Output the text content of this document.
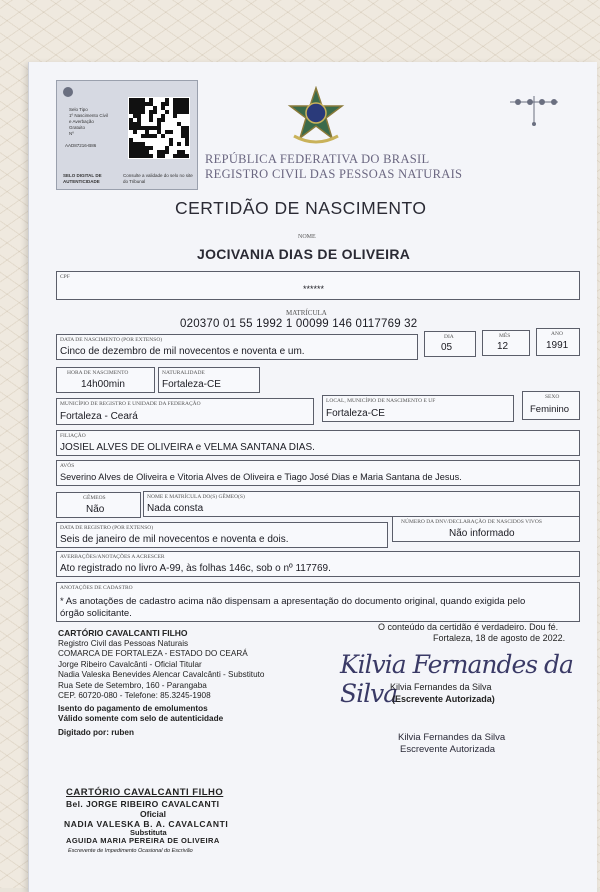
Selo Tipo
1º Nascimento Civil
e Averbação
Gratuito
Nº
AAD87216-B86
SELO DIGITAL DE AUTENTICIDADE
Consulte a validade do selo no site do Tribunal
REPÚBLICA FEDERATIVA DO BRASIL
REGISTRO CIVIL DAS PESSOAS NATURAIS
CERTIDÃO DE NASCIMENTO
NOME
JOCIVANIA DIAS DE OLIVEIRA
CPF
******
MATRÍCULA
020370 01 55 1992 1 00099 146 0117769 32
DATA DE NASCIMENTO (POR EXTENSO)
Cinco de dezembro de mil novecentos e noventa e um.
DIA
05
MÊS
12
ANO
1991
HORA DE NASCIMENTO
14h00min
NATURALIDADE
Fortaleza-CE
MUNICÍPIO DE REGISTRO E UNIDADE DA FEDERAÇÃO
Fortaleza - Ceará
LOCAL, MUNICÍPIO DE NASCIMENTO E UF
Fortaleza-CE
SEXO
Feminino
FILIAÇÃO
JOSIEL ALVES DE OLIVEIRA e VELMA SANTANA DIAS.
AVÓS
Severino Alves de Oliveira e Vitoria Alves de Oliveira e Tiago José Dias e Maria Santana de Jesus.
GÊMEOS
Não
NOME E MATRÍCULA DO(S) GÊMEO(S)
Nada consta
DATA DE REGISTRO (POR EXTENSO)
Seis de janeiro de mil novecentos e noventa e dois.
NÚMERO DA DNV/DECLARAÇÃO DE NASCIDOS VIVOS
Não informado
AVERBAÇÕES/ANOTAÇÕES A ACRESCER
Ato registrado no livro A-99, às folhas 146c, sob o nº 117769.
ANOTAÇÕES DE CADASTRO
* As anotações de cadastro acima não dispensam a apresentação do documento original, quando exigida pelo
órgão solicitante.
CARTÓRIO CAVALCANTI FILHO
Registro Civil das Pessoas Naturais
COMARCA DE FORTALEZA - ESTADO DO CEARÁ
Jorge Ribeiro Cavalcânti - Oficial Titular
Nadia Valeska Benevides Alencar Cavalcânti - Substituto
Rua Sete de Setembro, 160 - Parangaba
CEP. 60720-080 - Telefone: 85.3245-1908
Isento do pagamento de emolumentos
Válido somente com selo de autenticidade
Digitado por: ruben
O conteúdo da certidão é verdadeiro. Dou fé.
Fortaleza, 18 de agosto de 2022.
Kilvia Fernandes da Silva
Kilvia Fernandes da Silva
(Escrevente Autorizada)
Kilvia Fernandes da Silva
Escrevente Autorizada
CARTÓRIO CAVALCANTI FILHO
Bel. JORGE RIBEIRO CAVALCANTI
Oficial
NADIA VALESKA B. A. CAVALCANTI
Substituta
AGUIDA MARIA PEREIRA DE OLIVEIRA
Escrevente de Impedimento Ocasional do Escrivão
